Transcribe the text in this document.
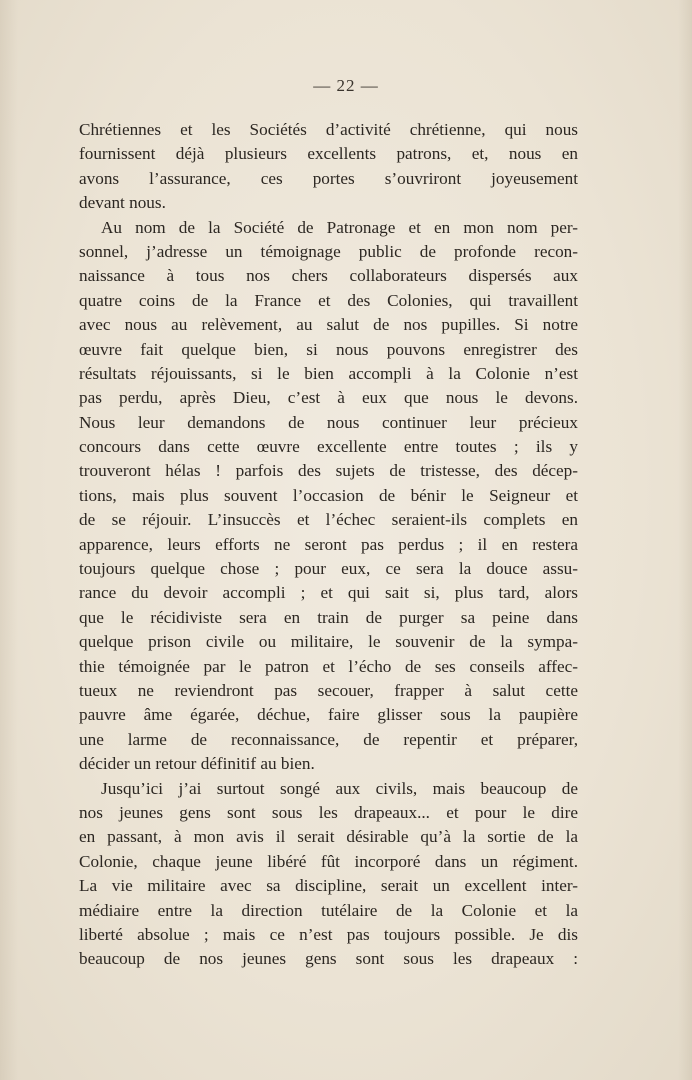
— 22 —
Chrétiennes et les Sociétés d’activité chrétienne, qui nous
fournissent déjà plusieurs excellents patrons, et, nous en
avons l’assurance, ces portes s’ouvriront joyeusement
devant nous.
Au nom de la Société de Patronage et en mon nom per-
sonnel, j’adresse un témoignage public de profonde recon-
naissance à tous nos chers collaborateurs dispersés aux
quatre coins de la France et des Colonies, qui travaillent
avec nous au relèvement, au salut de nos pupilles. Si notre
œuvre fait quelque bien, si nous pouvons enregistrer des
résultats réjouissants, si le bien accompli à la Colonie n’est
pas perdu, après Dieu, c’est à eux que nous le devons.
Nous leur demandons de nous continuer leur précieux
concours dans cette œuvre excellente entre toutes ; ils y
trouveront hélas ! parfois des sujets de tristesse, des décep-
tions, mais plus souvent l’occasion de bénir le Seigneur et
de se réjouir. L’insuccès et l’échec seraient-ils complets en
apparence, leurs efforts ne seront pas perdus ; il en restera
toujours quelque chose ; pour eux, ce sera la douce assu-
rance du devoir accompli ; et qui sait si, plus tard, alors
que le récidiviste sera en train de purger sa peine dans
quelque prison civile ou militaire, le souvenir de la sympa-
thie témoignée par le patron et l’écho de ses conseils affec-
tueux ne reviendront pas secouer, frapper à salut cette
pauvre âme égarée, déchue, faire glisser sous la paupière
une larme de reconnaissance, de repentir et préparer,
décider un retour définitif au bien.
Jusqu’ici j’ai surtout songé aux civils, mais beaucoup de
nos jeunes gens sont sous les drapeaux... et pour le dire
en passant, à mon avis il serait désirable qu’à la sortie de la
Colonie, chaque jeune libéré fût incorporé dans un régiment.
La vie militaire avec sa discipline, serait un excellent inter-
médiaire entre la direction tutélaire de la Colonie et la
liberté absolue ; mais ce n’est pas toujours possible. Je dis
beaucoup de nos jeunes gens sont sous les drapeaux :
